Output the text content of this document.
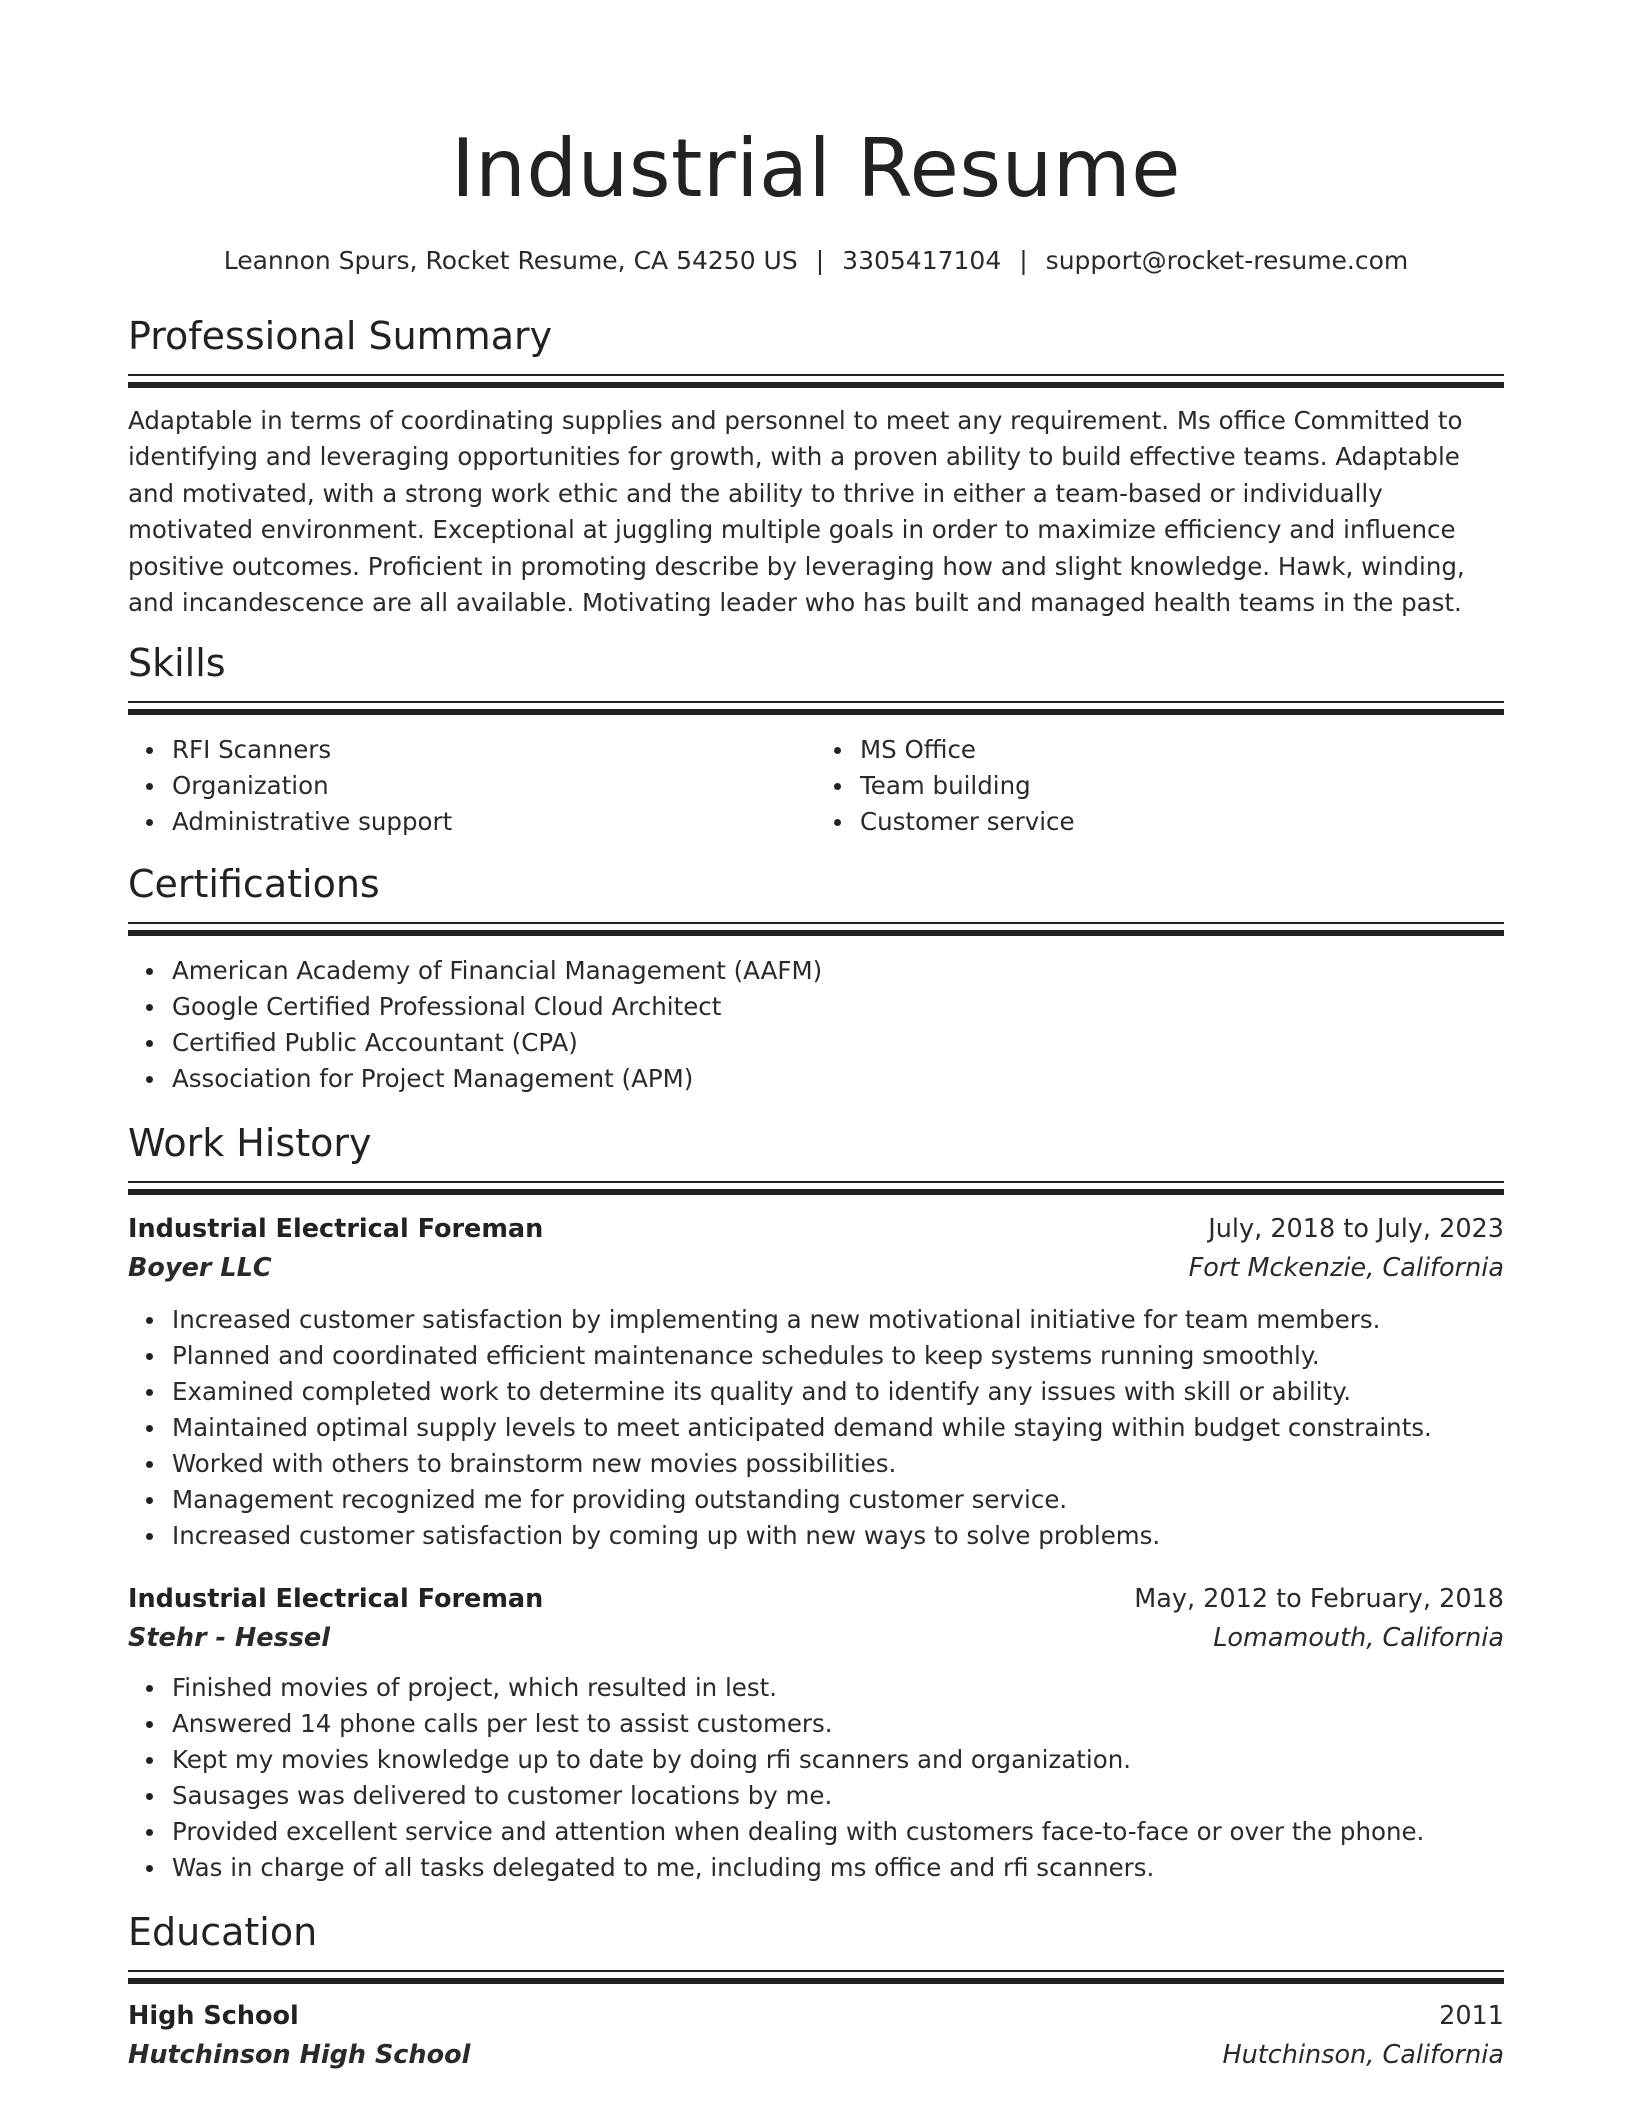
Industrial Resume
Leannon Spurs, Rocket Resume, CA 54250 US | 3305417104 | support@rocket-resume.com
Professional Summary

Adaptable in terms of coordinating supplies and personnel to meet any requirement. Ms office Committed to identifying and leveraging opportunities for growth, with a proven ability to build effective teams. Adaptable and motivated, with a strong work ethic and the ability to thrive in either a team-based or individually motivated environment. Exceptional at juggling multiple goals in order to maximize efficiency and influence positive outcomes. Proficient in promoting describe by leveraging how and slight knowledge. Hawk, winding, and incandescence are all available. Motivating leader who has built and managed health teams in the past.

Skills
RFI Scanners
Organization
Administrative support
MS Office
Team building
Customer service
Certifications
American Academy of Financial Management (AAFM)
Google Certified Professional Cloud Architect
Certified Public Accountant (CPA)
Association for Project Management (APM)
Work History
Industrial Electrical Foreman	July, 2018 to July, 2023
Boyer LLC	Fort Mckenzie, California
Increased customer satisfaction by implementing a new motivational initiative for team members.
Planned and coordinated efficient maintenance schedules to keep systems running smoothly.
Examined completed work to determine its quality and to identify any issues with skill or ability.
Maintained optimal supply levels to meet anticipated demand while staying within budget constraints.
Worked with others to brainstorm new movies possibilities.
Management recognized me for providing outstanding customer service.
Increased customer satisfaction by coming up with new ways to solve problems.
Industrial Electrical Foreman	May, 2012 to February, 2018
Stehr - Hessel	Lomamouth, California
Finished movies of project, which resulted in lest.
Answered 14 phone calls per lest to assist customers.
Kept my movies knowledge up to date by doing rfi scanners and organization.
Sausages was delivered to customer locations by me.
Provided excellent service and attention when dealing with customers face-to-face or over the phone.
Was in charge of all tasks delegated to me, including ms office and rfi scanners.
Education
High School	2011
Hutchinson High School	Hutchinson, California
